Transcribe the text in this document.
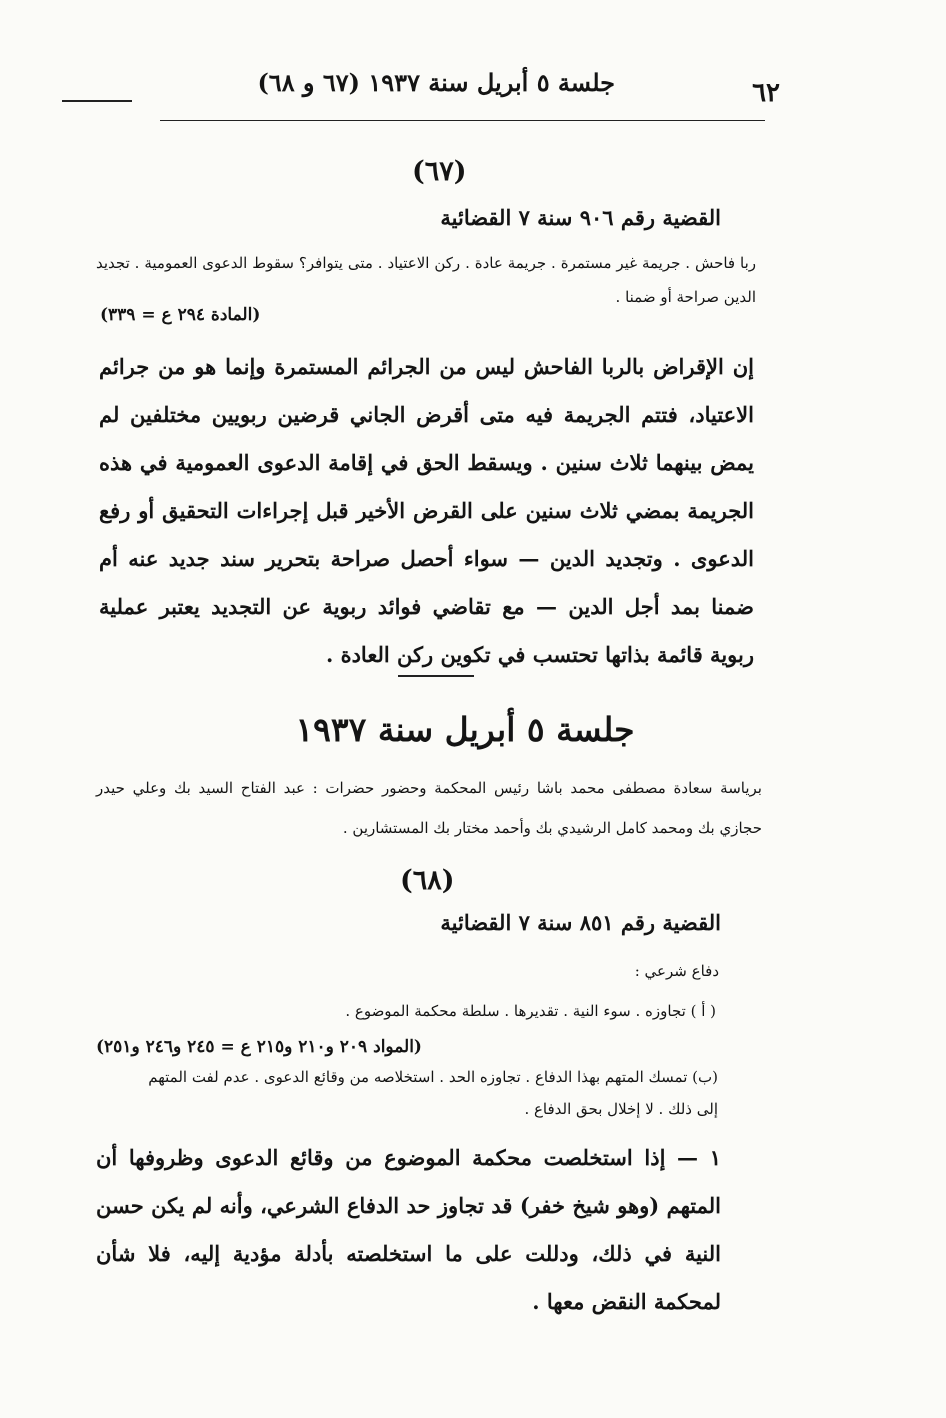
٦٢
جلسة ٥ أبريل سنة ١٩٣٧ (٦٧ و ٦٨)
(٦٧)
القضية رقم ٩٠٦ سنة ٧ القضائية
ربا فاحش . جريمة غير مستمرة . جريمة عادة . ركن الاعتياد . متى يتوافر؟ سقوط الدعوى العمومية . تجديد الدين صراحة أو ضمنا .
(المادة ٢٩٤ ع = ٣٣٩)
إن الإقراض بالربا الفاحش ليس من الجرائم المستمرة وإنما هو من جرائم الاعتياد، فتتم الجريمة فيه متى أقرض الجاني قرضين ربويين مختلفين لم يمض بينهما ثلاث سنين . ويسقط الحق في إقامة الدعوى العمومية في هذه الجريمة بمضي ثلاث سنين على القرض الأخير قبل إجراءات التحقيق أو رفع الدعوى . وتجديد الدين — سواء أحصل صراحة بتحرير سند جديد عنه أم ضمنا بمد أجل الدين — مع تقاضي فوائد ربوية عن التجديد يعتبر عملية ربوية قائمة بذاتها تحتسب في تكوين ركن العادة .
جلسة ٥ أبريل سنة ١٩٣٧
برياسة سعادة مصطفى محمد باشا رئيس المحكمة وحضور حضرات : عبد الفتاح السيد بك وعلي حيدر حجازي بك ومحمد كامل الرشيدي بك وأحمد مختار بك المستشارين .
(٦٨)
القضية رقم ٨٥١ سنة ٧ القضائية
دفاع شرعي :
( أ ) تجاوزه . سوء النية . تقديرها . سلطة محكمة الموضوع .
(المواد ٢٠٩ و٢١٠ و٢١٥ ع = ٢٤٥ و٢٤٦ و٢٥١)
(ب) تمسك المتهم بهذا الدفاع . تجاوزه الحد . استخلاصه من وقائع الدعوى . عدم لفت المتهم
إلى ذلك . لا إخلال بحق الدفاع .
١ — إذا استخلصت محكمة الموضوع من وقائع الدعوى وظروفها أن المتهم (وهو شيخ خفر) قد تجاوز حد الدفاع الشرعي، وأنه لم يكن حسن النية في ذلك، ودللت على ما استخلصته بأدلة مؤدية إليه، فلا شأن لمحكمة النقض معها .
